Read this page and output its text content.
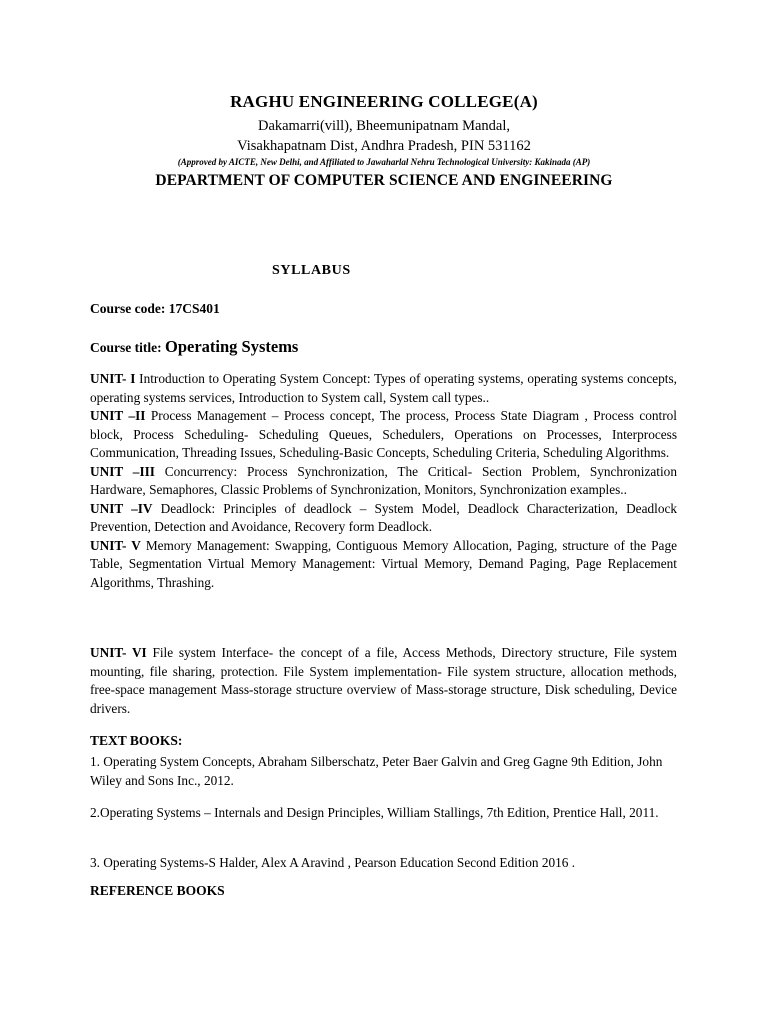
RAGHU ENGINEERING COLLEGE(A)
Dakamarri(vill), Bheemunipatnam Mandal,
Visakhapatnam Dist, Andhra Pradesh, PIN 531162
(Approved by AICTE, New Delhi, and Affiliated to Jawaharlal Nehru Technological University: Kakinada (AP)
DEPARTMENT OF COMPUTER SCIENCE AND ENGINEERING
SYLLABUS
Course code: 17CS401
Course title: Operating Systems
UNIT- I Introduction to Operating System Concept: Types of operating systems, operating systems concepts, operating systems services, Introduction to System call, System call types..
UNIT –II Process Management – Process concept, The process, Process State Diagram , Process control block, Process Scheduling- Scheduling Queues, Schedulers, Operations on Processes, Interprocess Communication, Threading Issues, Scheduling-Basic Concepts, Scheduling Criteria, Scheduling Algorithms.
UNIT –III Concurrency: Process Synchronization, The Critical- Section Problem, Synchronization Hardware, Semaphores, Classic Problems of Synchronization, Monitors, Synchronization examples..
UNIT –IV Deadlock: Principles of deadlock – System Model, Deadlock Characterization, Deadlock Prevention, Detection and Avoidance, Recovery form Deadlock.
UNIT- V Memory Management: Swapping, Contiguous Memory Allocation, Paging, structure of the Page Table, Segmentation Virtual Memory Management: Virtual Memory, Demand Paging, Page Replacement Algorithms, Thrashing.
UNIT- VI File system Interface- the concept of a file, Access Methods, Directory structure, File system mounting, file sharing, protection. File System implementation- File system structure, allocation methods, free-space management Mass-storage structure overview of Mass-storage structure, Disk scheduling, Device drivers.
TEXT BOOKS:
1. Operating System Concepts, Abraham Silberschatz, Peter Baer Galvin and Greg Gagne 9th Edition, John Wiley and Sons Inc., 2012.
2.Operating Systems – Internals and Design Principles, William Stallings, 7th Edition, Prentice Hall, 2011.
3. Operating Systems-S Halder, Alex A Aravind , Pearson Education Second Edition 2016 .
REFERENCE BOOKS
